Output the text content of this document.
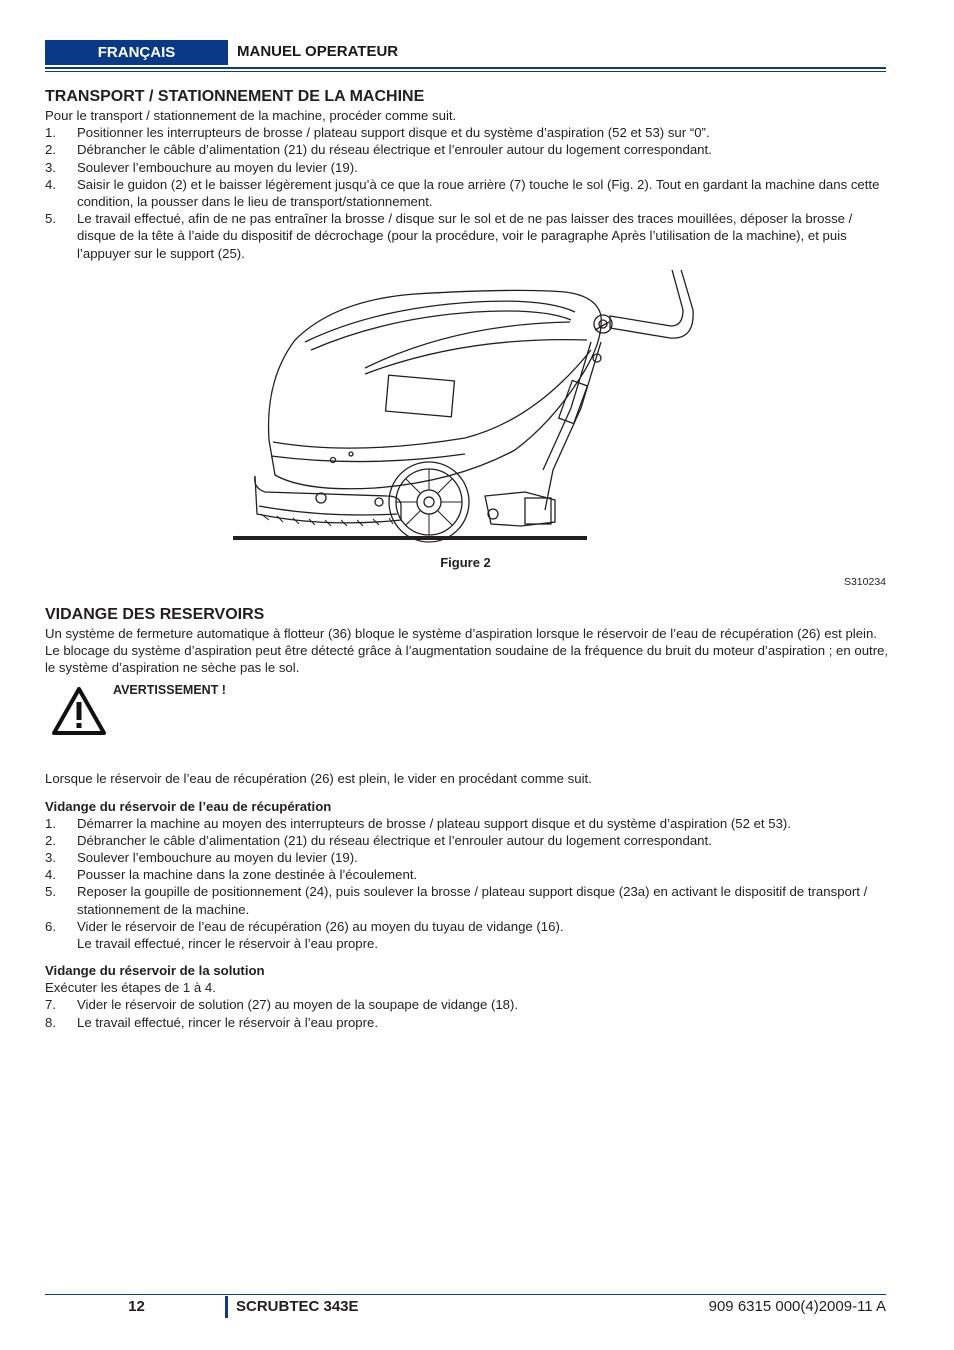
FRANÇAIS	MANUEL OPERATEUR
TRANSPORT / STATIONNEMENT DE LA MACHINE

Pour le transport / stationnement de la machine, procéder comme suit.

1.	Positionner les interrupteurs de brosse / plateau support disque et du système d’aspiration (52 et 53) sur “0”.
2.	Débrancher le câble d’alimentation (21) du réseau électrique et l’enrouler autour du logement correspondant.
3.	Soulever l’embouchure au moyen du levier (19).
4.	Saisir le guidon (2) et le baisser légèrement jusqu’à ce que la roue arrière (7) touche le sol (Fig. 2). Tout en gardant la machine dans cette condition, la pousser dans le lieu de transport/stationnement.
5.	Le travail effectué, afin de ne pas entraîner la brosse / disque sur le sol et de ne pas laisser des traces mouillées, déposer la brosse / disque de la tête à l’aide du dispositif de décrochage (pour la procédure, voir le paragraphe Après l’utilisation de la machine), et puis l’appuyer sur le support (25).
Figure 2
S310234
VIDANGE DES RESERVOIRS

Un système de fermeture automatique à flotteur (36) bloque le système d’aspiration lorsque le réservoir de l’eau de récupération (26) est plein.

Le blocage du système d’aspiration peut être détecté grâce à l’augmentation soudaine de la fréquence du bruit du moteur d’aspiration ; en outre, le système d’aspiration ne sèche pas le sol.

AVERTISSEMENT !

Lorsque le réservoir de l’eau de récupération (26) est plein, le vider en procédant comme suit.

Vidange du réservoir de l’eau de récupération
1.	Démarrer la machine au moyen des interrupteurs de brosse / plateau support disque et du système d’aspiration (52 et 53).
2.	Débrancher le câble d’alimentation (21) du réseau électrique et l’enrouler autour du logement correspondant.
3.	Soulever l’embouchure au moyen du levier (19).
4.	Pousser la machine dans la zone destinée à l’écoulement.
5.	Reposer la goupille de positionnement (24), puis soulever la brosse / plateau support disque (23a) en activant le dispositif de transport / stationnement de la machine.
6.	Vider le réservoir de l’eau de récupération (26) au moyen du tuyau de vidange (16).

Le travail effectué, rincer le réservoir à l’eau propre.

Vidange du réservoir de la solution

Exécuter les étapes de 1 à 4.

7.	Vider le réservoir de solution (27) au moyen de la soupape de vidange (18).
8.	Le travail effectué, rincer le réservoir à l’eau propre.
12	SCRUBTEC 343E	909 6315 000(4)2009-11 A
